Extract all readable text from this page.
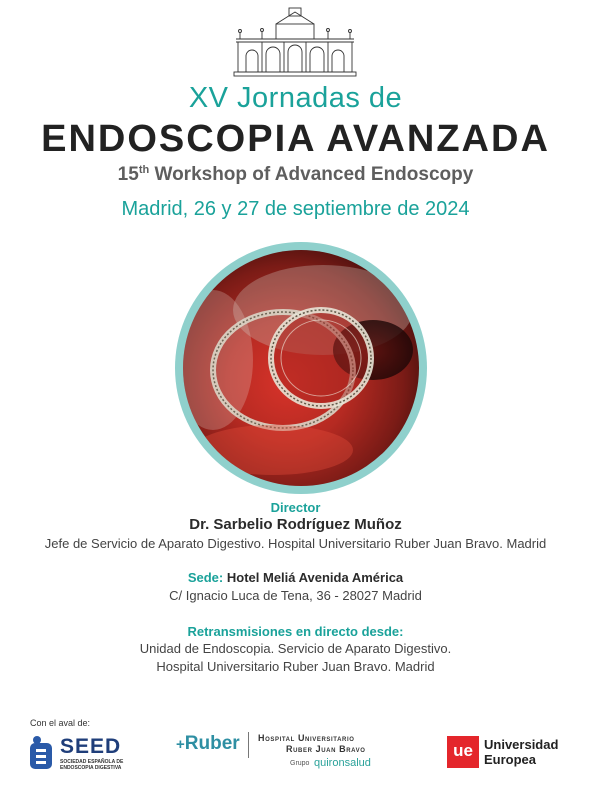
XV Jornadas de
ENDOSCOPIA AVANZADA
15th Workshop of Advanced Endoscopy
Madrid, 26 y 27 de septiembre de 2024
Director
Dr. Sarbelio Rodríguez Muñoz
Jefe de Servicio de Aparato Digestivo. Hospital Universitario Ruber Juan Bravo. Madrid
Sede: Hotel Meliá Avenida América
C/ Ignacio Luca de Tena, 36 - 28027 Madrid
Retransmisiones en directo desde:
Unidad de Endoscopia. Servicio de Aparato Digestivo.
Hospital Universitario Ruber Juan Bravo. Madrid
Con el aval de:
SEED
SOCIEDAD ESPAÑOLA DE
ENDOSCOPIA DIGESTIVA
+Ruber Hospital Universitario
Ruber Juan Bravo
Grupo quironsalud
ue Universidad
Europea
